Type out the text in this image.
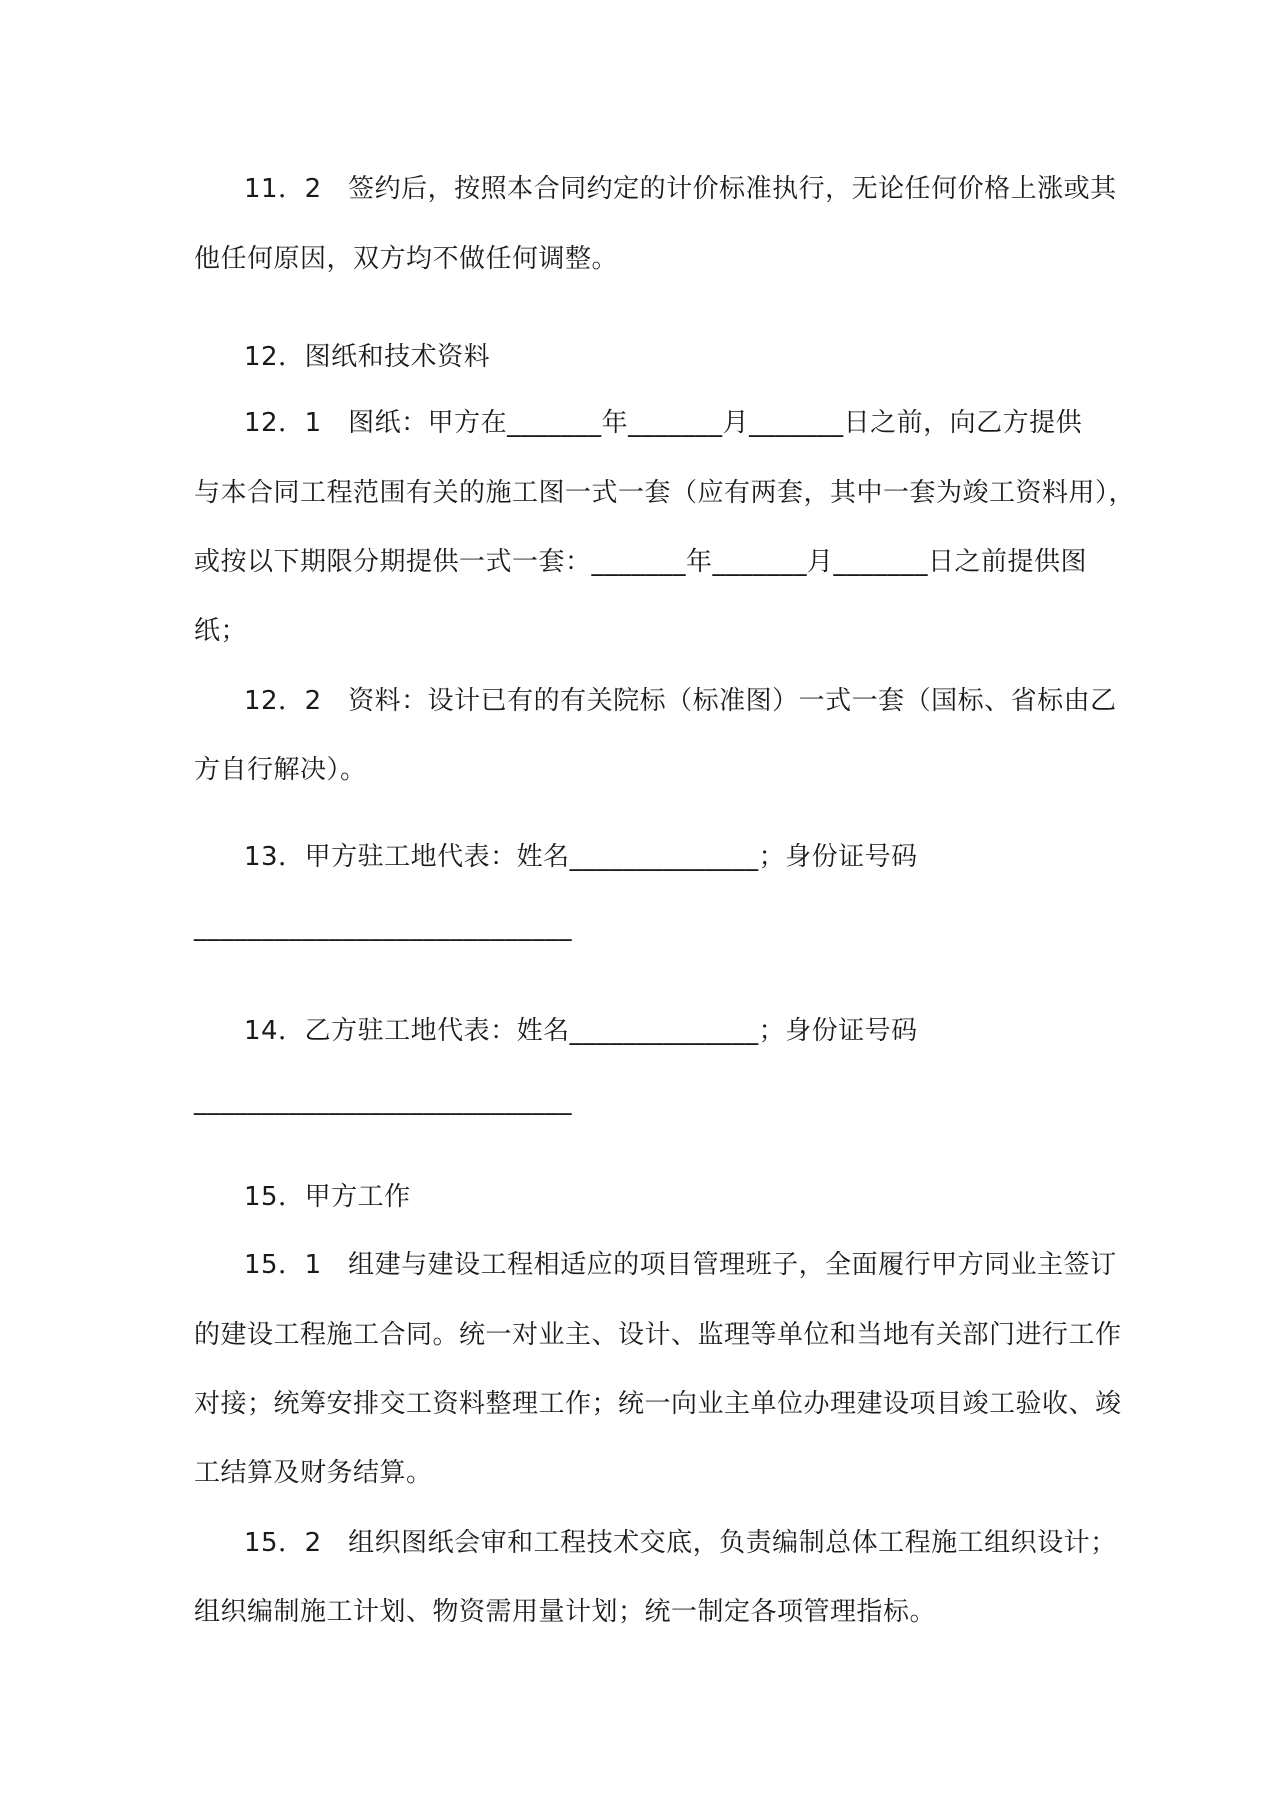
11．2　签约后，按照本合同约定的计价标准执行，无论任何价格上涨或其
他任何原因，双方均不做任何调整。
12．图纸和技术资料
12．1　图纸：甲方在_______年_______月_______日之前，向乙方提供
与本合同工程范围有关的施工图一式一套（应有两套，其中一套为竣工资料用），
或按以下期限分期提供一式一套：_______年_______月_______日之前提供图
纸；
12．2　资料：设计已有的有关院标（标准图）一式一套（国标、省标由乙
方自行解决）。
13．甲方驻工地代表：姓名______________；身份证号码
____________________________
14．乙方驻工地代表：姓名______________；身份证号码
____________________________
15．甲方工作
15．1　组建与建设工程相适应的项目管理班子，全面履行甲方同业主签订
的建设工程施工合同。统一对业主、设计、监理等单位和当地有关部门进行工作
对接；统筹安排交工资料整理工作；统一向业主单位办理建设项目竣工验收、竣
工结算及财务结算。
15．2　组织图纸会审和工程技术交底，负责编制总体工程施工组织设计；
组织编制施工计划、物资需用量计划；统一制定各项管理指标。
